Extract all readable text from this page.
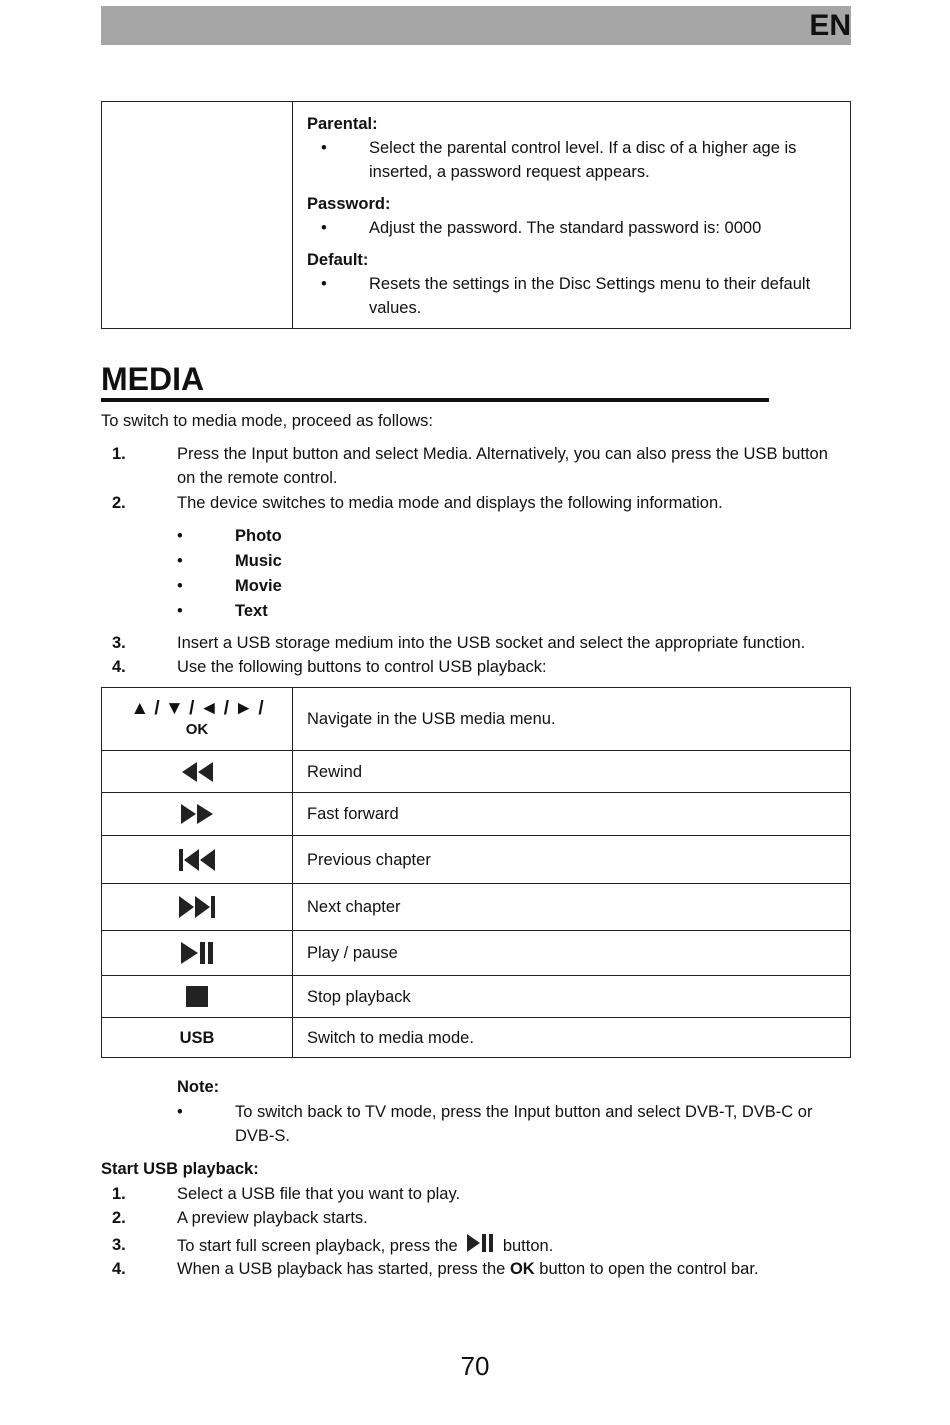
EN

Parental:
• Select the parental control level. If a disc of a higher age is inserted, a password request appears.
Password:
• Adjust the password. The standard password is: 0000
Default:
• Resets the settings in the Disc Settings menu to their default values.
MEDIA
To switch to media mode, proceed as follows:
1.	Press the Input button and select Media. Alternatively, you can also press the USB button on the remote control.
2.	The device switches to media mode and displays the following information.
•	Photo
•	Music
•	Movie
•	Text
3.	Insert a USB storage medium into the USB socket and select the appropriate function.
4.	Use the following buttons to control USB playback:
▲ / ▼ / ◄ / ► /
OK	Navigate in the USB media menu.
	Rewind
	Fast forward
	Previous chapter
	Next chapter
	Play / pause
	Stop playback
USB	Switch to media mode.
Note:
•	To switch back to TV mode, press the Input button and select DVB-T, DVB-C or DVB-S.
Start USB playback:
1.	Select a USB file that you want to play.
2.	A preview playback starts.
3.	To start full screen playback, press the	button.
4.	When a USB playback has started, press the OK button to open the control bar.
70
